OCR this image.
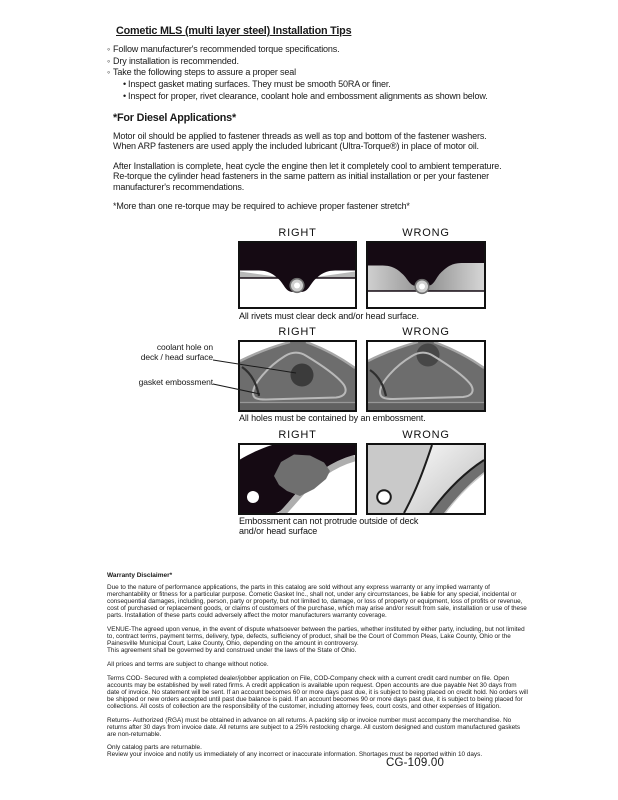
Cometic MLS (multi layer steel) Installation Tips
◦ Follow manufacturer's recommended torque specifications.
◦ Dry installation is recommended.
◦ Take the following steps to assure a proper seal
• Inspect gasket mating surfaces. They must be smooth 50RA or finer.
• Inspect for proper, rivet clearance, coolant hole and embossment alignments as shown below.
*For Diesel Applications*

Motor oil should be applied to fastener threads as well as top and bottom of the fastener washers. When ARP fasteners are used apply the included lubricant (Ultra-Torque®) in place of motor oil.

After Installation is complete, heat cycle the engine then let it completely cool to ambient temperature. Re-torque the cylinder head fasteners in the same pattern as initial installation or per your fastener manufacturer's recommendations.

*More than one re-torque may be required to achieve proper fastener stretch*

RIGHT	WRONG
All rivets must clear deck and/or head surface.
RIGHT	WRONG
coolant hole on
deck / head surface
gasket embossment
All holes must be contained by an embossment.
RIGHT	WRONG
Embossment can not protrude outside of deck and/or head surface
Warranty Disclaimer*

Due to the nature of performance applications, the parts in this catalog are sold without any express warranty or any implied warranty of merchantability or fitness for a particular purpose. Cometic Gasket Inc., shall not, under any circumstances, be liable for any special, incidental or consequential damages, including, person, party or property, but not limited to, damage, or loss of property or equipment, loss of profits or revenue, cost of purchased or replacement goods, or claims of customers of the purchase, which may arise and/or result from sale, installation or use of these parts. Installation of these parts could adversely affect the motor manufacturers warranty coverage.

VENUE-The agreed upon venue, in the event of dispute whatsoever between the parties, whether instituted by either party, including, but not limited to, contract terms, payment terms, delivery, type, defects, sufficiency of product, shall be the Court of Common Pleas, Lake County, Ohio or the Painesville Municipal Court, Lake County, Ohio, depending on the amount in controversy.

This agreement shall be governed by and construed under the laws of the State of Ohio.

All prices and terms are subject to change without notice.

Terms COD- Secured with a completed dealer/jobber application on File, COD-Company check with a current credit card number on file. Open accounts may be established by well rated firms. A credit application is available upon request. Open accounts are due payable Net 30 days from date of invoice. No statement will be sent. If an account becomes 60 or more days past due, it is subject to being placed on credit hold. No orders will be shipped or new orders accepted until past due balance is paid. If an account becomes 90 or more days past due, it is subject to being placed for collections. All costs of collection are the responsibility of the customer, including attorney fees, court costs, and other expenses of litigation.

Returns- Authorized (RGA) must be obtained in advance on all returns. A packing slip or invoice number must accompany the merchandise. No returns after 30 days from invoice date. All returns are subject to a 25% restocking charge. All custom designed and custom manufactured gaskets are non-returnable.

Only catalog parts are returnable.

Review your invoice and notify us immediately of any incorrect or inaccurate information. Shortages must be reported within 10 days.

CG-109.00
